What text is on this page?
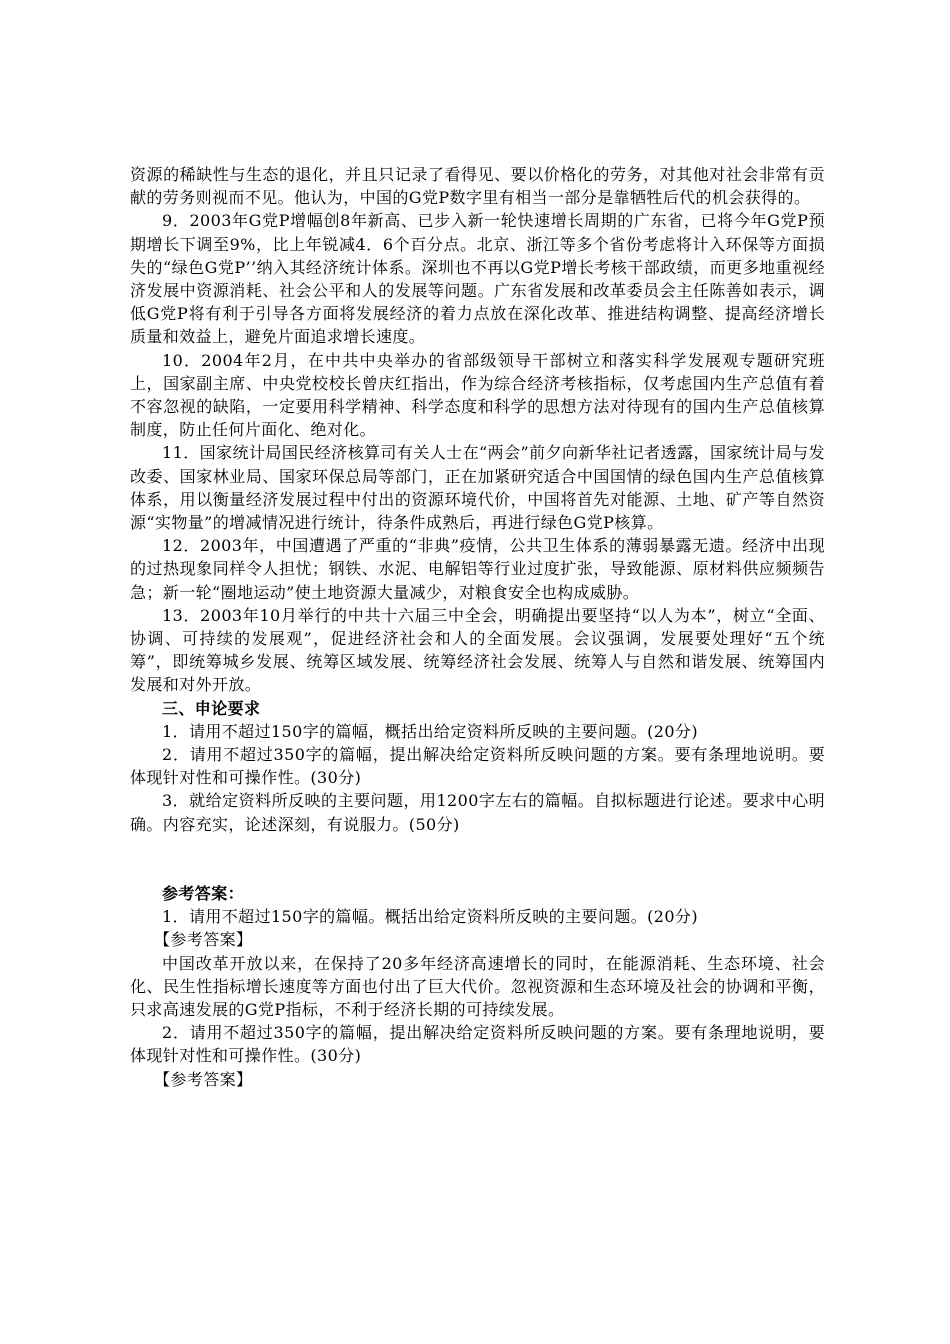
资源的稀缺性与生态的退化，并且只记录了看得见、要以价格化的劳务，对其他对社会非常有贡献的劳务则视而不见。他认为，中国的G党P数字里有相当一部分是靠牺牲后代的机会获得的。

9．2003年G党P增幅创8年新高、已步入新一轮快速增长周期的广东省，已将今年G党P预期增长下调至9%，比上年锐减4．6个百分点。北京、浙江等多个省份考虑将计入环保等方面损失的“绿色G党P’’纳入其经济统计体系。深圳也不再以G党P增长考核干部政绩，而更多地重视经济发展中资源消耗、社会公平和人的发展等问题。广东省发展和改革委员会主任陈善如表示，调低G党P将有利于引导各方面将发展经济的着力点放在深化改革、推进结构调整、提高经济增长质量和效益上，避免片面追求增长速度。

10．2004年2月，在中共中央举办的省部级领导干部树立和落实科学发展观专题研究班上，国家副主席、中央党校校长曾庆红指出，作为综合经济考核指标，仅考虑国内生产总值有着不容忽视的缺陷，一定要用科学精神、科学态度和科学的思想方法对待现有的国内生产总值核算制度，防止任何片面化、绝对化。

11．国家统计局国民经济核算司有关人士在“两会”前夕向新华社记者透露，国家统计局与发改委、国家林业局、国家环保总局等部门，正在加紧研究适合中国国情的绿色国内生产总值核算体系，用以衡量经济发展过程中付出的资源环境代价，中国将首先对能源、土地、矿产等自然资源“实物量”的增减情况进行统计，待条件成熟后，再进行绿色G党P核算。

12．2003年，中国遭遇了严重的“非典”疫情，公共卫生体系的薄弱暴露无遗。经济中出现的过热现象同样令人担忧；钢铁、水泥、电解铝等行业过度扩张，导致能源、原材料供应频频告急；新一轮“圈地运动”使土地资源大量减少，对粮食安全也构成威胁。

13．2003年10月举行的中共十六届三中全会，明确提出要坚持“以人为本”，树立“全面、协调、可持续的发展观”，促进经济社会和人的全面发展。会议强调，发展要处理好“五个统筹”，即统筹城乡发展、统筹区域发展、统筹经济社会发展、统筹人与自然和谐发展、统筹国内发展和对外开放。

三、申论要求

1．请用不超过150字的篇幅，概括出给定资料所反映的主要问题。(20分)

2．请用不超过350字的篇幅，提出解决给定资料所反映问题的方案。要有条理地说明。要体现针对性和可操作性。(30分)

3．就给定资料所反映的主要问题，用1200字左右的篇幅。自拟标题进行论述。要求中心明确。内容充实，论述深刻，有说服力。(50分)

参考答案：

1．请用不超过150字的篇幅。概括出给定资料所反映的主要问题。(20分)

【参考答案】

中国改革开放以来，在保持了20多年经济高速增长的同时，在能源消耗、生态环境、社会化、民生性指标增长速度等方面也付出了巨大代价。忽视资源和生态环境及社会的协调和平衡，只求高速发展的G党P指标，不利于经济长期的可持续发展。

2．请用不超过350字的篇幅，提出解决给定资料所反映问题的方案。要有条理地说明，要体现针对性和可操作性。(30分)

【参考答案】
